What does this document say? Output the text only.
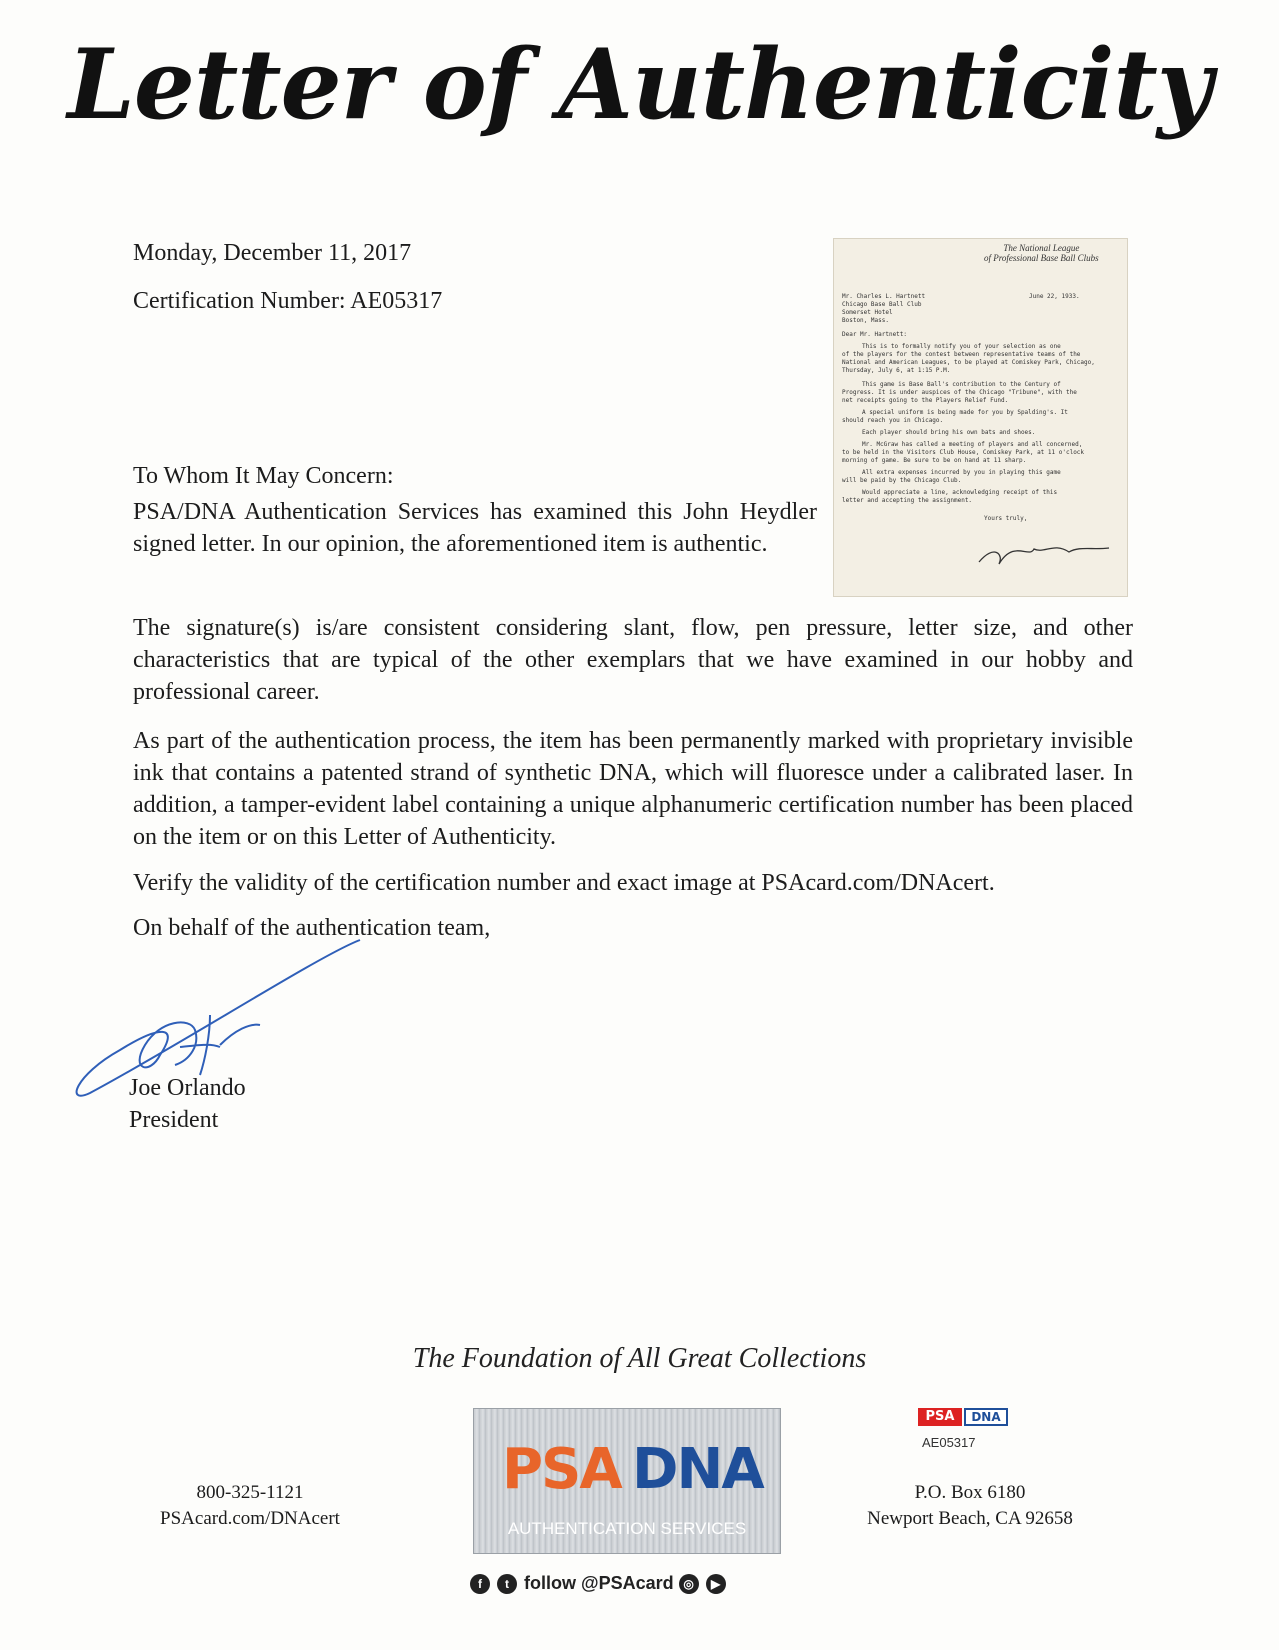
Letter of Authenticity
Monday, December 11, 2017
Certification Number: AE05317
The National League
of Professional Base Ball Clubs
June 22, 1933.
Mr. Charles L. Hartnett
Chicago Base Ball Club
Somerset Hotel
Boston, Mass.
Dear Mr. Hartnett:
This is to formally notify you of your selection as one
of the players for the contest between representative teams of the
National and American Leagues, to be played at Comiskey Park, Chicago,
Thursday, July 6, at 1:15 P.M.
This game is Base Ball's contribution to the Century of
Progress. It is under auspices of the Chicago "Tribune", with the
net receipts going to the Players Relief Fund.
A special uniform is being made for you by Spalding's. It
should reach you in Chicago.
Each player should bring his own bats and shoes.
Mr. McGraw has called a meeting of players and all concerned,
to be held in the Visitors Club House, Comiskey Park, at 11 o'clock
morning of game. Be sure to be on hand at 11 sharp.
All extra expenses incurred by you in playing this game
will be paid by the Chicago Club.
Would appreciate a line, acknowledging receipt of this
letter and accepting the assignment.
Yours truly,
To Whom It May Concern:
PSA/DNA Authentication Services has examined this John Heydler signed letter. In our opinion, the aforementioned item is authentic.
The signature(s) is/are consistent considering slant, flow, pen pressure, letter size, and other characteristics that are typical of the other exemplars that we have examined in our hobby and professional career.
As part of the authentication process, the item has been permanently marked with proprietary invisible ink that contains a patented strand of synthetic DNA, which will fluoresce under a calibrated laser. In addition, a tamper-evident label containing a unique alphanumeric certification number has been placed on the item or on this Letter of Authenticity.
Verify the validity of the certification number and exact image at PSAcard.com/DNAcert.
On behalf of the authentication team,
Joe Orlando
President
The Foundation of All Great Collections
800-325-1121
PSAcard.com/DNAcert
PSA DNA
AUTHENTICATION SERVICES
f t follow @PSAcard ◎ ▶
PSA	DNA
AE05317
P.O. Box 6180
Newport Beach, CA 92658
